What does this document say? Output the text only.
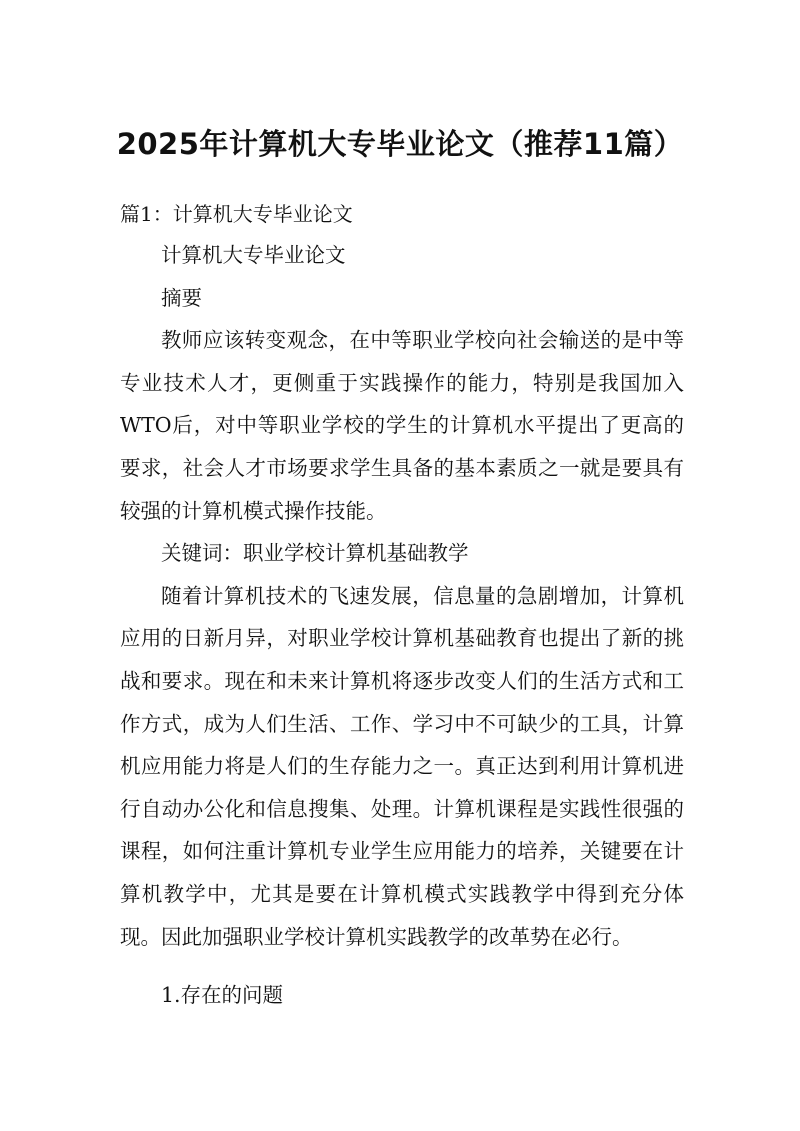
2025年计算机大专毕业论文（推荐11篇）
篇1：计算机大专毕业论文

计算机大专毕业论文

摘要

教师应该转变观念，在中等职业学校向社会输送的是中等专业技术人才，更侧重于实践操作的能力，特别是我国加入WTO后，对中等职业学校的学生的计算机水平提出了更高的要求，社会人才市场要求学生具备的基本素质之一就是要具有较强的计算机模式操作技能。

关键词：职业学校计算机基础教学

随着计算机技术的飞速发展，信息量的急剧增加，计算机应用的日新月异，对职业学校计算机基础教育也提出了新的挑战和要求。现在和未来计算机将逐步改变人们的生活方式和工作方式，成为人们生活、工作、学习中不可缺少的工具，计算机应用能力将是人们的生存能力之一。真正达到利用计算机进行自动办公化和信息搜集、处理。计算机课程是实践性很强的课程，如何注重计算机专业学生应用能力的培养，关键要在计算机教学中，尤其是要在计算机模式实践教学中得到充分体现。因此加强职业学校计算机实践教学的改革势在必行。

1.存在的问题
